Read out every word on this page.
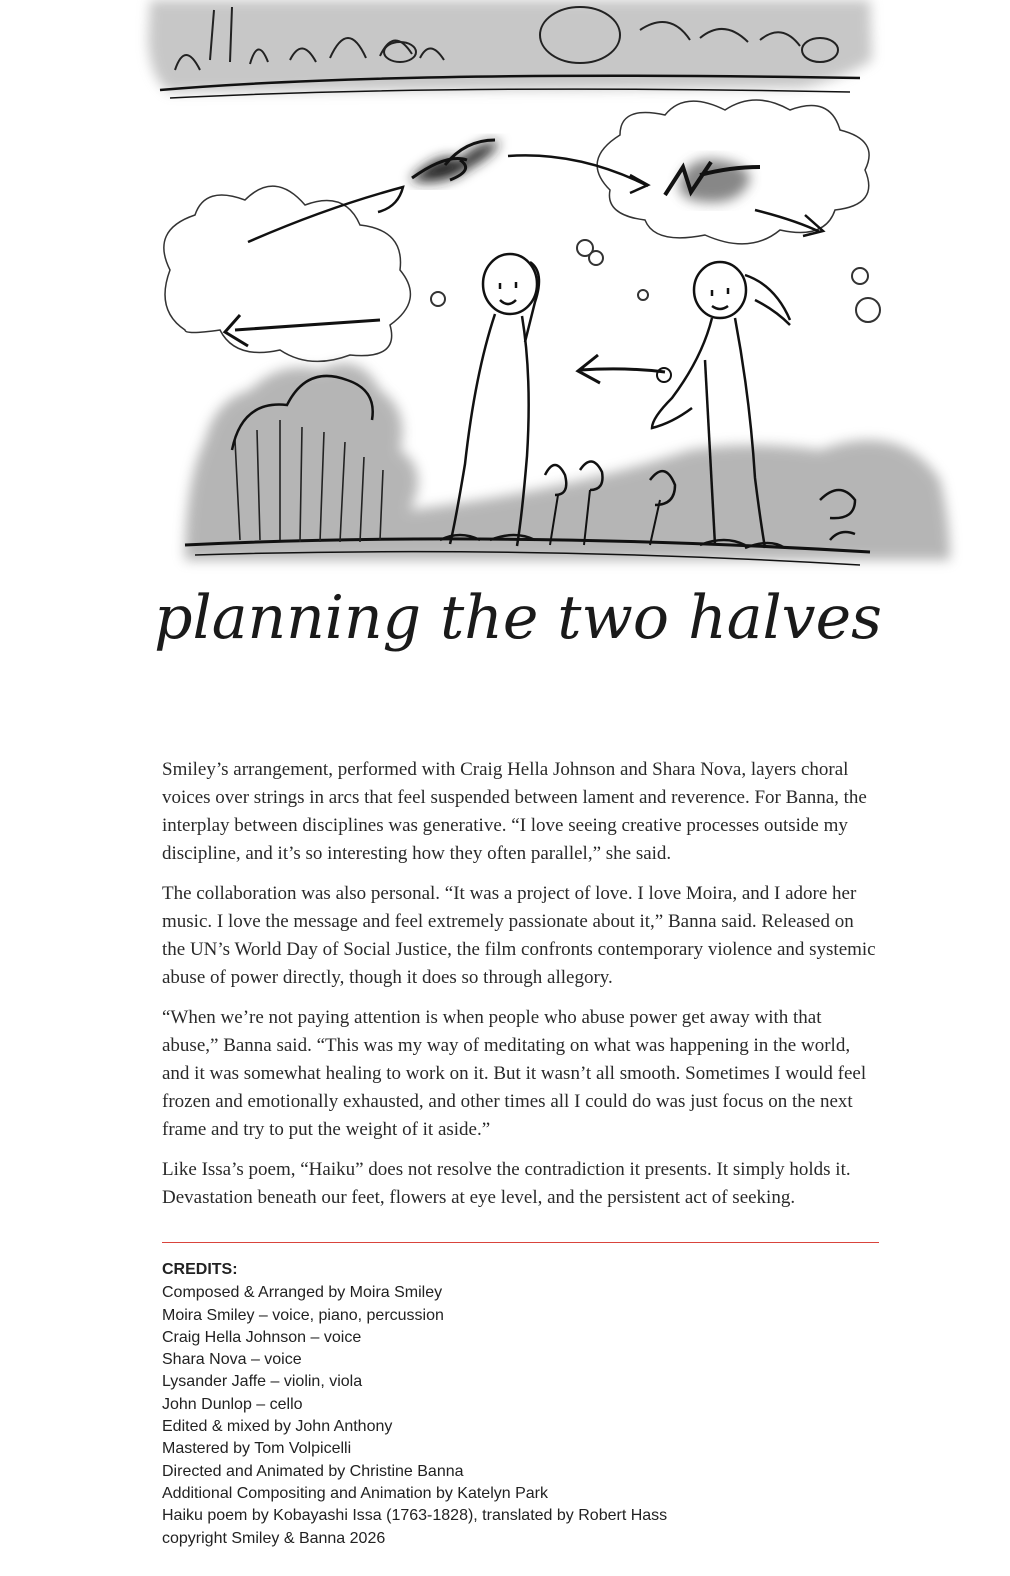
planning the two halves

Smiley’s arrangement, performed with Craig Hella Johnson and Shara Nova, layers choral voices over strings in arcs that feel suspended between lament and reverence. For Banna, the interplay between disciplines was generative. “I love seeing creative processes outside my discipline, and it’s so interesting how they often parallel,” she said.

The collaboration was also personal. “It was a project of love. I love Moira, and I adore her music. I love the message and feel extremely passionate about it,” Banna said. Released on the UN’s World Day of Social Justice, the film confronts contemporary violence and systemic abuse of power directly, though it does so through allegory.

“When we’re not paying attention is when people who abuse power get away with that abuse,” Banna said. “This was my way of meditating on what was happening in the world, and it was somewhat healing to work on it. But it wasn’t all smooth. Sometimes I would feel frozen and emotionally exhausted, and other times all I could do was just focus on the next frame and try to put the weight of it aside.”

Like Issa’s poem, “Haiku” does not resolve the contradiction it presents. It simply holds it. Devastation beneath our feet, flowers at eye level, and the persistent act of seeking.

CREDITS:
Composed & Arranged by Moira Smiley
Moira Smiley – voice, piano, percussion
Craig Hella Johnson – voice
Shara Nova – voice
Lysander Jaffe – violin, viola
John Dunlop – cello
Edited & mixed by John Anthony
Mastered by Tom Volpicelli
Directed and Animated by Christine Banna
Additional Compositing and Animation by Katelyn Park
Haiku poem by Kobayashi Issa (1763-1828), translated by Robert Hass
copyright Smiley & Banna 2026
